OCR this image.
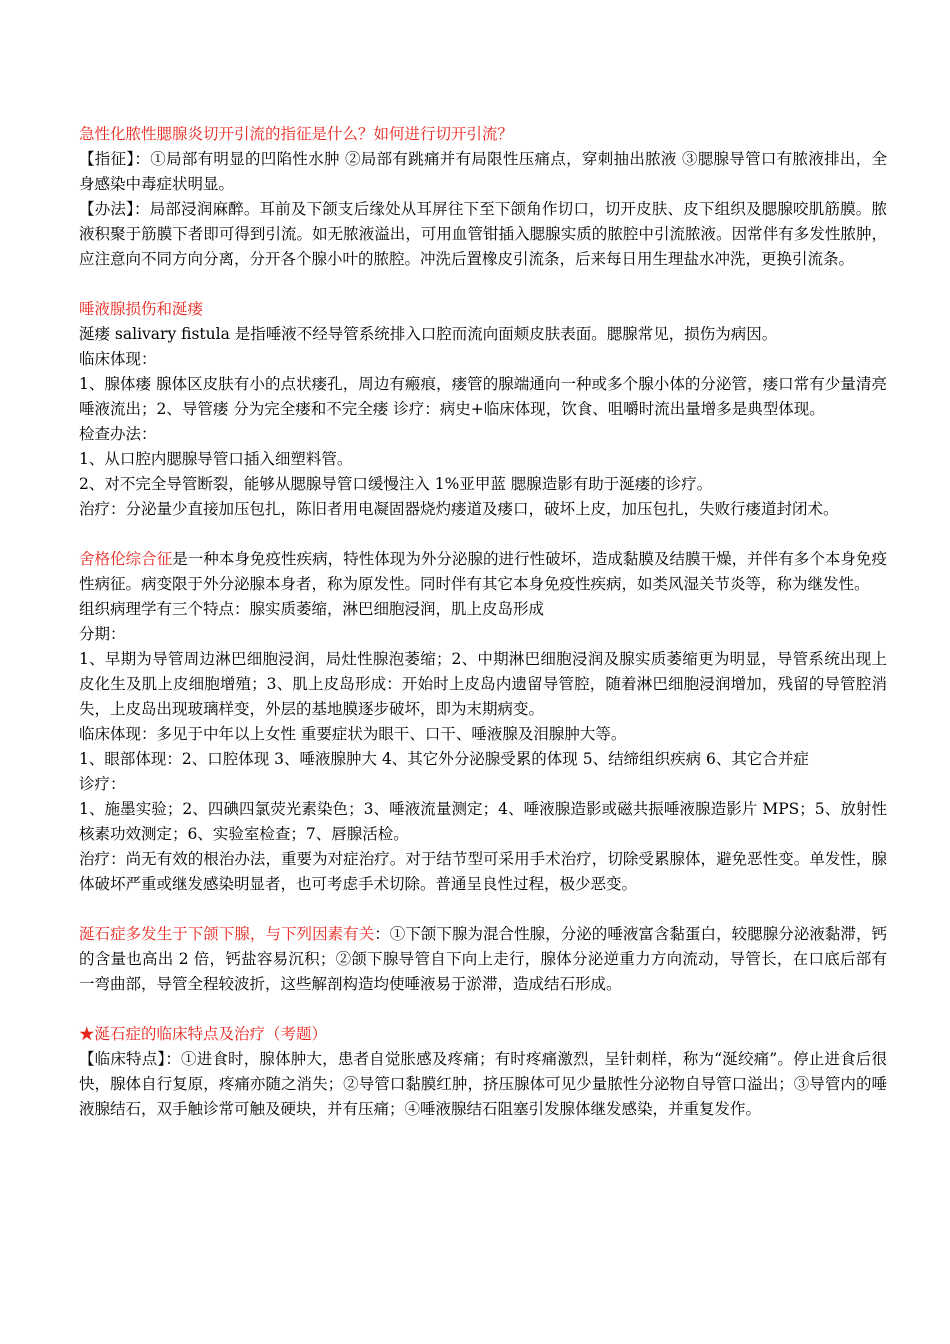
急性化脓性腮腺炎切开引流的指征是什么？如何进行切开引流？

【指征】：①局部有明显的凹陷性水肿 ②局部有跳痛并有局限性压痛点，穿刺抽出脓液 ③腮腺导管口有脓液排出，全身感染中毒症状明显。

【办法】：局部浸润麻醉。耳前及下颌支后缘处从耳屏往下至下颌角作切口，切开皮肤、皮下组织及腮腺咬肌筋膜。脓液积聚于筋膜下者即可得到引流。如无脓液溢出，可用血管钳插入腮腺实质的脓腔中引流脓液。因常伴有多发性脓肿，应注意向不同方向分离，分开各个腺小叶的脓腔。冲洗后置橡皮引流条，后来每日用生理盐水冲洗，更换引流条。

唾液腺损伤和涎瘘

涎瘘 salivary fistula 是指唾液不经导管系统排入口腔而流向面颊皮肤表面。腮腺常见，损伤为病因。

临床体现：

1、腺体瘘 腺体区皮肤有小的点状瘘孔，周边有瘢痕，瘘管的腺端通向一种或多个腺小体的分泌管，瘘口常有少量清亮唾液流出；2、导管瘘 分为完全瘘和不完全瘘 诊疗：病史+临床体现，饮食、咀嚼时流出量增多是典型体现。

检查办法：

1、从口腔内腮腺导管口插入细塑料管。

2、对不完全导管断裂，能够从腮腺导管口缓慢注入 1%亚甲蓝 腮腺造影有助于涎瘘的诊疗。

治疗：分泌量少直接加压包扎，陈旧者用电凝固器烧灼瘘道及瘘口，破坏上皮，加压包扎，失败行瘘道封闭术。

舍格伦综合征是一种本身免疫性疾病，特性体现为外分泌腺的进行性破坏，造成黏膜及结膜干燥，并伴有多个本身免疫性病征。病变限于外分泌腺本身者，称为原发性。同时伴有其它本身免疫性疾病，如类风湿关节炎等，称为继发性。

组织病理学有三个特点：腺实质萎缩，淋巴细胞浸润，肌上皮岛形成

分期：

1、早期为导管周边淋巴细胞浸润，局灶性腺泡萎缩；2、中期淋巴细胞浸润及腺实质萎缩更为明显，导管系统出现上皮化生及肌上皮细胞增殖；3、肌上皮岛形成：开始时上皮岛内遗留导管腔，随着淋巴细胞浸润增加，残留的导管腔消失，上皮岛出现玻璃样变，外层的基地膜逐步破坏，即为末期病变。

临床体现：多见于中年以上女性 重要症状为眼干、口干、唾液腺及泪腺肿大等。

1、眼部体现：2、口腔体现 3、唾液腺肿大 4、其它外分泌腺受累的体现 5、结缔组织疾病 6、其它合并症

诊疗：

1、施墨实验；2、四碘四氯荧光素染色；3、唾液流量测定；4、唾液腺造影或磁共振唾液腺造影片 MPS；5、放射性核素功效测定；6、实验室检查；7、唇腺活检。

治疗：尚无有效的根治办法，重要为对症治疗。对于结节型可采用手术治疗，切除受累腺体，避免恶性变。单发性，腺体破坏严重或继发感染明显者，也可考虑手术切除。普通呈良性过程，极少恶变。

涎石症多发生于下颌下腺，与下列因素有关：①下颌下腺为混合性腺，分泌的唾液富含黏蛋白，较腮腺分泌液黏滞，钙的含量也高出 2 倍，钙盐容易沉积；②颌下腺导管自下向上走行，腺体分泌逆重力方向流动，导管长，在口底后部有一弯曲部，导管全程较波折，这些解剖构造均使唾液易于淤滞，造成结石形成。

★涎石症的临床特点及治疗（考题）

【临床特点】：①进食时，腺体肿大，患者自觉胀感及疼痛；有时疼痛激烈，呈针刺样，称为“涎绞痛”。停止进食后很快，腺体自行复原，疼痛亦随之消失；②导管口黏膜红肿，挤压腺体可见少量脓性分泌物自导管口溢出；③导管内的唾液腺结石，双手触诊常可触及硬块，并有压痛；④唾液腺结石阻塞引发腺体继发感染，并重复发作。
